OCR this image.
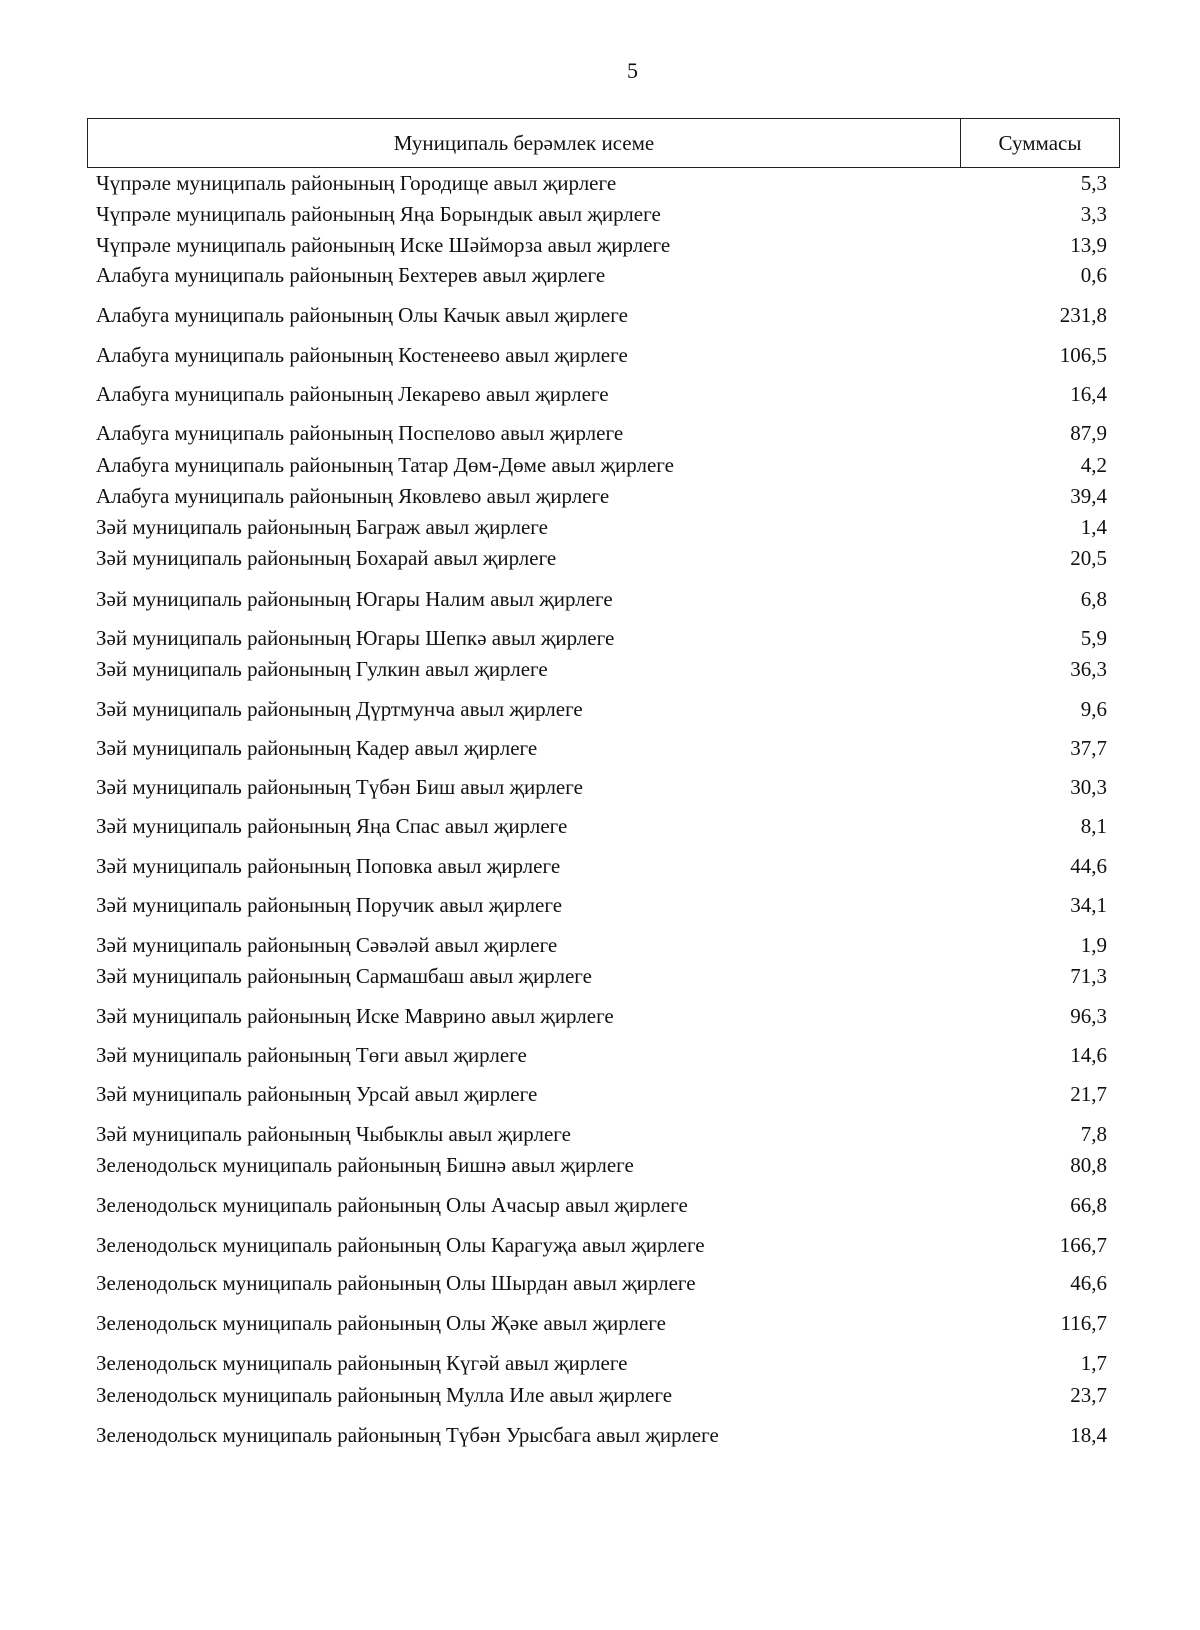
5
Муниципаль берәмлек исеме	Суммасы
Чүпрәле муниципаль районының Городище авыл җирлеге	5,3
Чүпрәле муниципаль районының Яңа Борындык авыл җирлеге	3,3
Чүпрәле муниципаль районының Иске Шәйморза авыл җирлеге	13,9
Алабуга муниципаль районының Бехтерев авыл җирлеге	0,6
Алабуга муниципаль районының Олы Качык авыл җирлеге	231,8
Алабуга муниципаль районының Костенеево авыл җирлеге	106,5
Алабуга муниципаль районының Лекарево авыл җирлеге	16,4
Алабуга муниципаль районының Поспелово авыл җирлеге	87,9
Алабуга муниципаль районының Татар Дөм-Дөме авыл җирлеге	4,2
Алабуга муниципаль районының Яковлево авыл җирлеге	39,4
Зәй муниципаль районының Баграж авыл җирлеге	1,4
Зәй муниципаль районының Бохарай авыл җирлеге	20,5
Зәй муниципаль районының Югары Налим авыл җирлеге	6,8
Зәй муниципаль районының Югары Шепкә авыл җирлеге	5,9
Зәй муниципаль районының Гулкин авыл җирлеге	36,3
Зәй муниципаль районының Дүртмунча авыл җирлеге	9,6
Зәй муниципаль районының Кадер авыл җирлеге	37,7
Зәй муниципаль районының Түбән Биш авыл җирлеге	30,3
Зәй муниципаль районының Яңа Спас авыл җирлеге	8,1
Зәй муниципаль районының Поповка авыл җирлеге	44,6
Зәй муниципаль районының Поручик авыл җирлеге	34,1
Зәй муниципаль районының Сәвәләй авыл җирлеге	1,9
Зәй муниципаль районының Сармашбаш авыл җирлеге	71,3
Зәй муниципаль районының Иске Маврино авыл җирлеге	96,3
Зәй муниципаль районының Төги авыл җирлеге	14,6
Зәй муниципаль районының Урсай авыл җирлеге	21,7
Зәй муниципаль районының Чыбыклы авыл җирлеге	7,8
Зеленодольск муниципаль районының Бишнә авыл җирлеге	80,8
Зеленодольск муниципаль районының Олы Ачасыр авыл җирлеге	66,8
Зеленодольск муниципаль районының Олы Карагуҗа авыл җирлеге	166,7
Зеленодольск муниципаль районының Олы Шырдан авыл җирлеге	46,6
Зеленодольск муниципаль районының Олы Җәке авыл җирлеге	116,7
Зеленодольск муниципаль районының Күгәй авыл җирлеге	1,7
Зеленодольск муниципаль районының Мулла Иле авыл җирлеге	23,7
Зеленодольск муниципаль районының Түбән Урысбага авыл җирлеге	18,4
